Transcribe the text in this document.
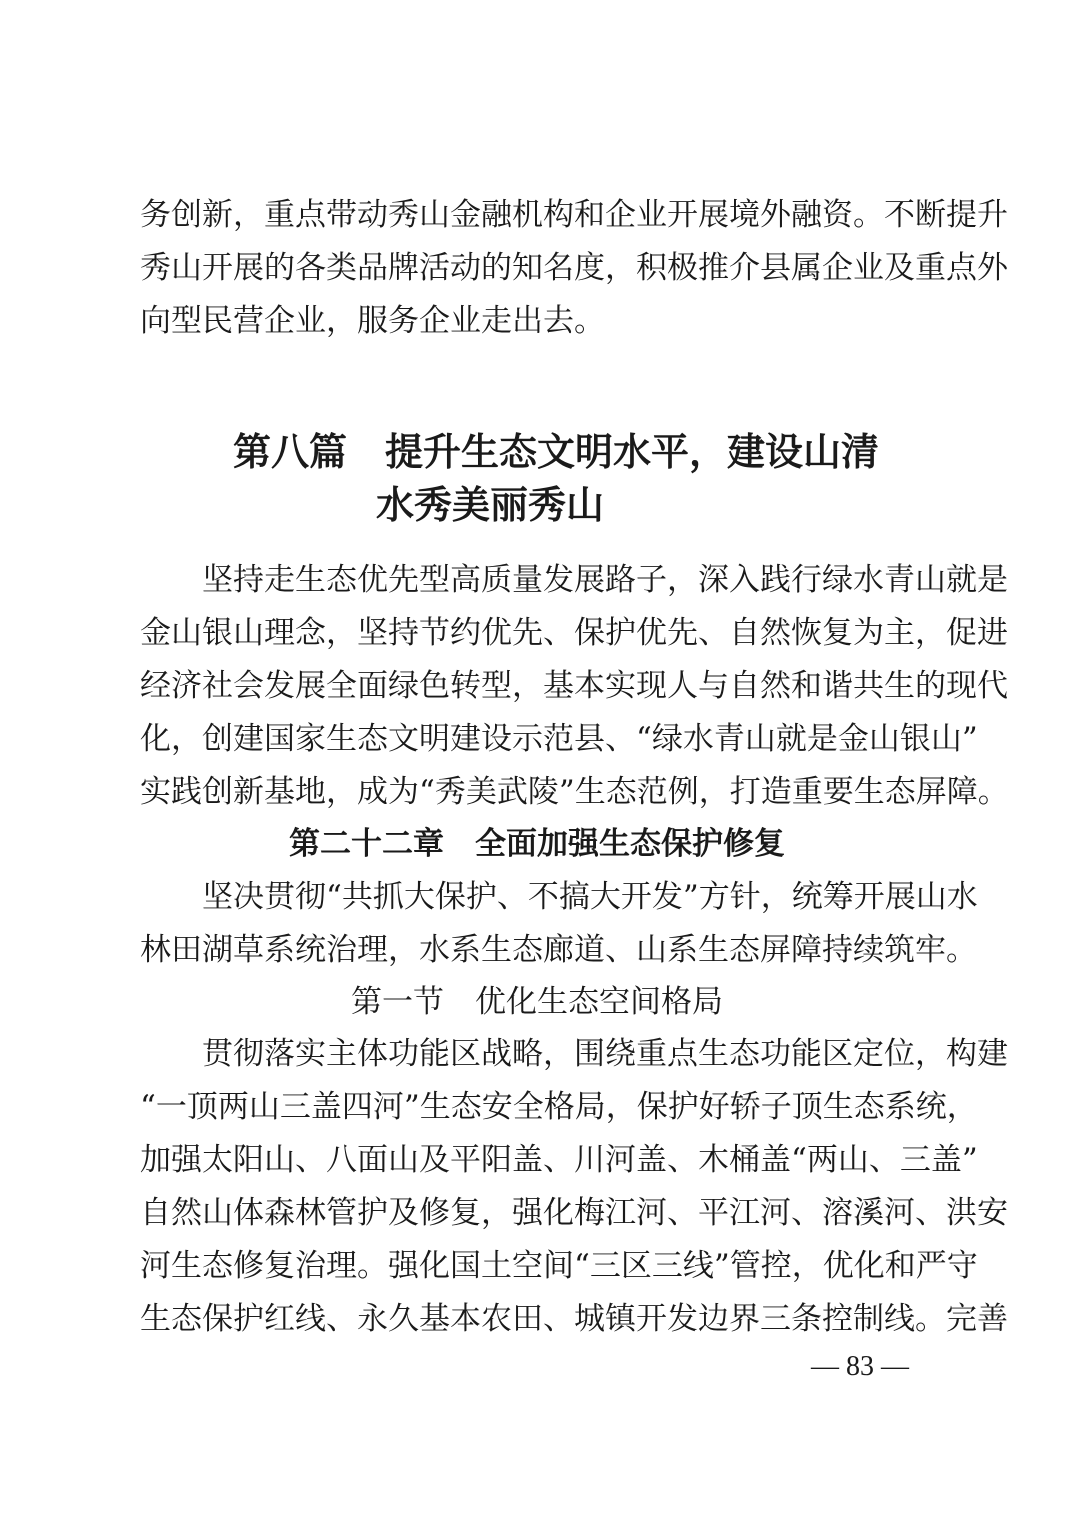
务创新，重点带动秀山金融机构和企业开展境外融资。不断提升
秀山开展的各类品牌活动的知名度，积极推介县属企业及重点外
向型民营企业，服务企业走出去。
第八篇　提升生态文明水平，建设山清
水秀美丽秀山
坚持走生态优先型高质量发展路子，深入践行绿水青山就是
金山银山理念，坚持节约优先、保护优先、自然恢复为主，促进
经济社会发展全面绿色转型，基本实现人与自然和谐共生的现代
化，创建国家生态文明建设示范县、“绿水青山就是金山银山”
实践创新基地，成为“秀美武陵”生态范例，打造重要生态屏障。
第二十二章　全面加强生态保护修复
坚决贯彻“共抓大保护、不搞大开发”方针，统筹开展山水
林田湖草系统治理，水系生态廊道、山系生态屏障持续筑牢。
第一节　优化生态空间格局
贯彻落实主体功能区战略，围绕重点生态功能区定位，构建
“一顶两山三盖四河”生态安全格局，保护好轿子顶生态系统，
加强太阳山、八面山及平阳盖、川河盖、木桶盖“两山、三盖”
自然山体森林管护及修复，强化梅江河、平江河、溶溪河、洪安
河生态修复治理。强化国土空间“三区三线”管控，优化和严守
生态保护红线、永久基本农田、城镇开发边界三条控制线。完善
— 83 —
